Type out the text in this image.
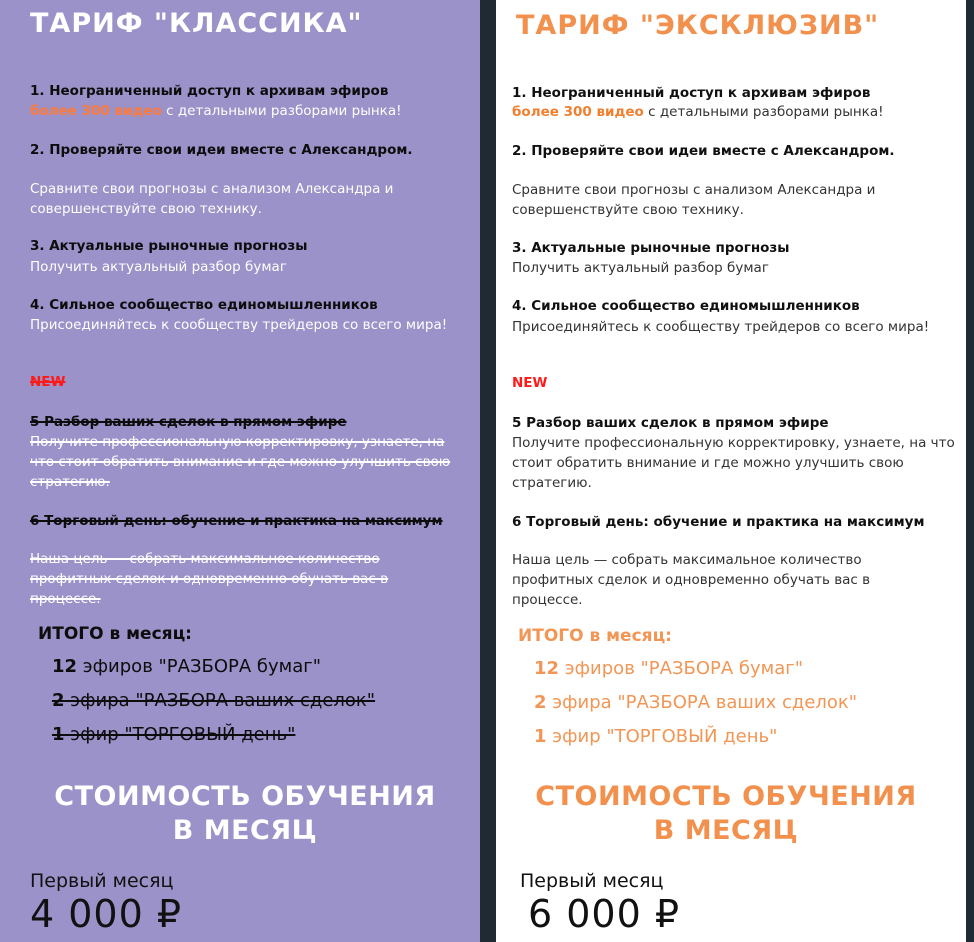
ТАРИФ "КЛАССИКА"

1. Неограниченный доступ к архивам эфиров

более 300 видео с детальными разборами рынка!

2. Проверяйте свои идеи вместе с Александром.

Сравните свои прогнозы с анализом Александра и совершенствуйте свою технику.

3. Актуальные рыночные прогнозы

Получить актуальный разбор бумаг

4. Сильное сообщество единомышленников

Присоединяйтесь к сообществу трейдеров со всего мира!

NEW

5 Разбор ваших сделок в прямом эфире

Получите профессиональную корректировку, узнаете, на что стоит обратить внимание и где можно улучшить свою стратегию.

6 Торговый день: обучение и практика на максимум

Наша цель — собрать максимальное количество профитных сделок и одновременно обучать вас в процессе.

ИТОГО в месяц:

12 эфиров "РАЗБОРА бумаг"

2 эфира "РАЗБОРА ваших сделок"

1 эфир "ТОРГОВЫЙ день"

СТОИМОСТЬ ОБУЧЕНИЯ
В МЕСЯЦ

Первый месяц

4 000 ₽

ТАРИФ "ЭКСКЛЮЗИВ"

1. Неограниченный доступ к архивам эфиров

более 300 видео с детальными разборами рынка!

2. Проверяйте свои идеи вместе с Александром.

Сравните свои прогнозы с анализом Александра и совершенствуйте свою технику.

3. Актуальные рыночные прогнозы

Получить актуальный разбор бумаг

4. Сильное сообщество единомышленников

Присоединяйтесь к сообществу трейдеров со всего мира!

NEW

5 Разбор ваших сделок в прямом эфире

Получите профессиональную корректировку, узнаете, на что стоит обратить внимание и где можно улучшить свою стратегию.

6 Торговый день: обучение и практика на максимум

Наша цель — собрать максимальное количество профитных сделок и одновременно обучать вас в процессе.

ИТОГО в месяц:

12 эфиров "РАЗБОРА бумаг"

2 эфира "РАЗБОРА ваших сделок"

1 эфир "ТОРГОВЫЙ день"

СТОИМОСТЬ ОБУЧЕНИЯ
В МЕСЯЦ

Первый месяц

6 000 ₽
